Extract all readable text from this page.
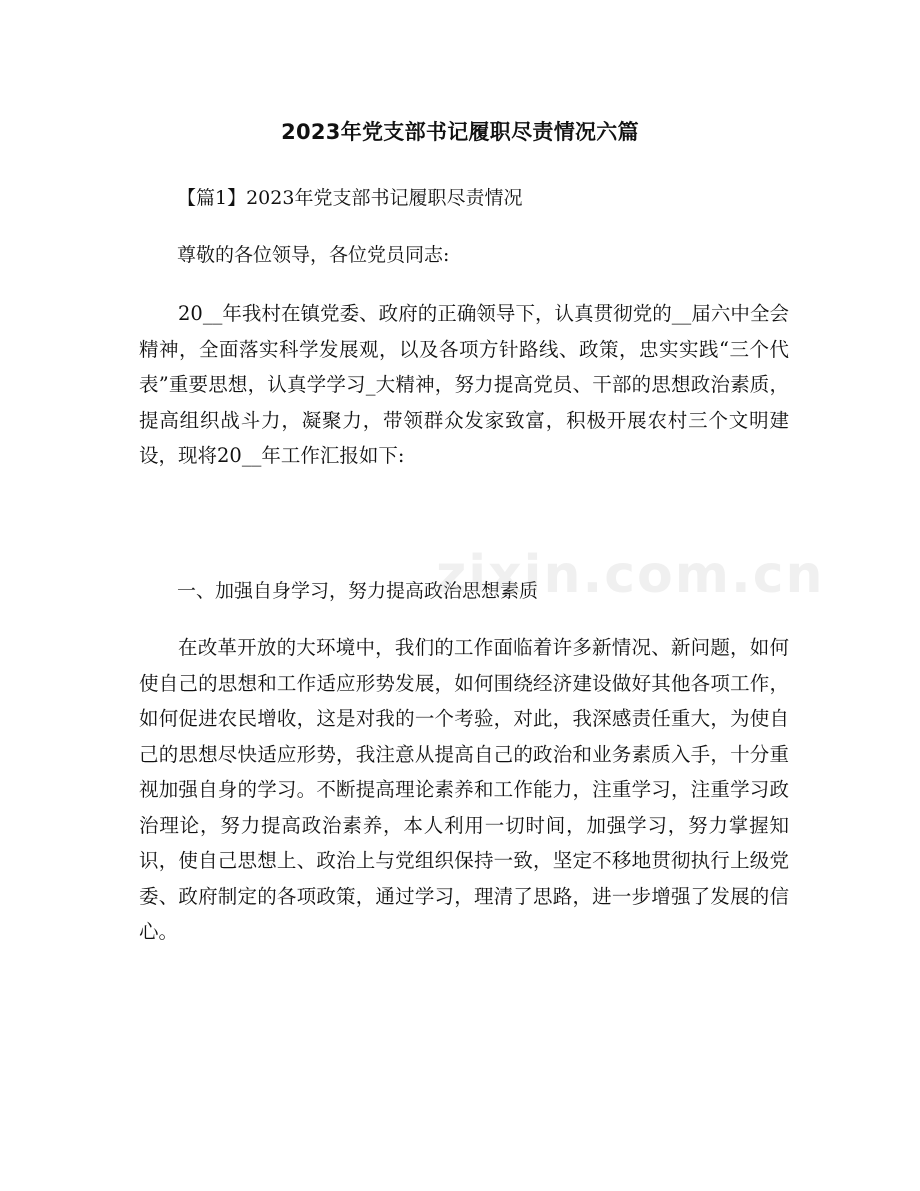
2023年党支部书记履职尽责情况六篇
【篇1】2023年党支部书记履职尽责情况
尊敬的各位领导，各位党员同志:

20__年我村在镇党委、政府的正确领导下，认真贯彻党的__届六中全会精神，全面落实科学发展观，以及各项方针路线、政策，忠实实践“三个代表”重要思想，认真学学习_大精神，努力提高党员、干部的思想政治素质，提高组织战斗力，凝聚力，带领群众发家致富，积极开展农村三个文明建设，现将20__年工作汇报如下:

一、加强自身学习，努力提高政治思想素质

在改革开放的大环境中，我们的工作面临着许多新情况、新问题，如何使自己的思想和工作适应形势发展，如何围绕经济建设做好其他各项工作，如何促进农民增收，这是对我的一个考验，对此，我深感责任重大，为使自己的思想尽快适应形势，我注意从提高自己的政治和业务素质入手，十分重视加强自身的学习。不断提高理论素养和工作能力，注重学习，注重学习政治理论，努力提高政治素养，本人利用一切时间，加强学习，努力掌握知识，使自己思想上、政治上与党组织保持一致，坚定不移地贯彻执行上级党委、政府制定的各项政策，通过学习，理清了思路，进一步增强了发展的信心。

zixin.com.cn
